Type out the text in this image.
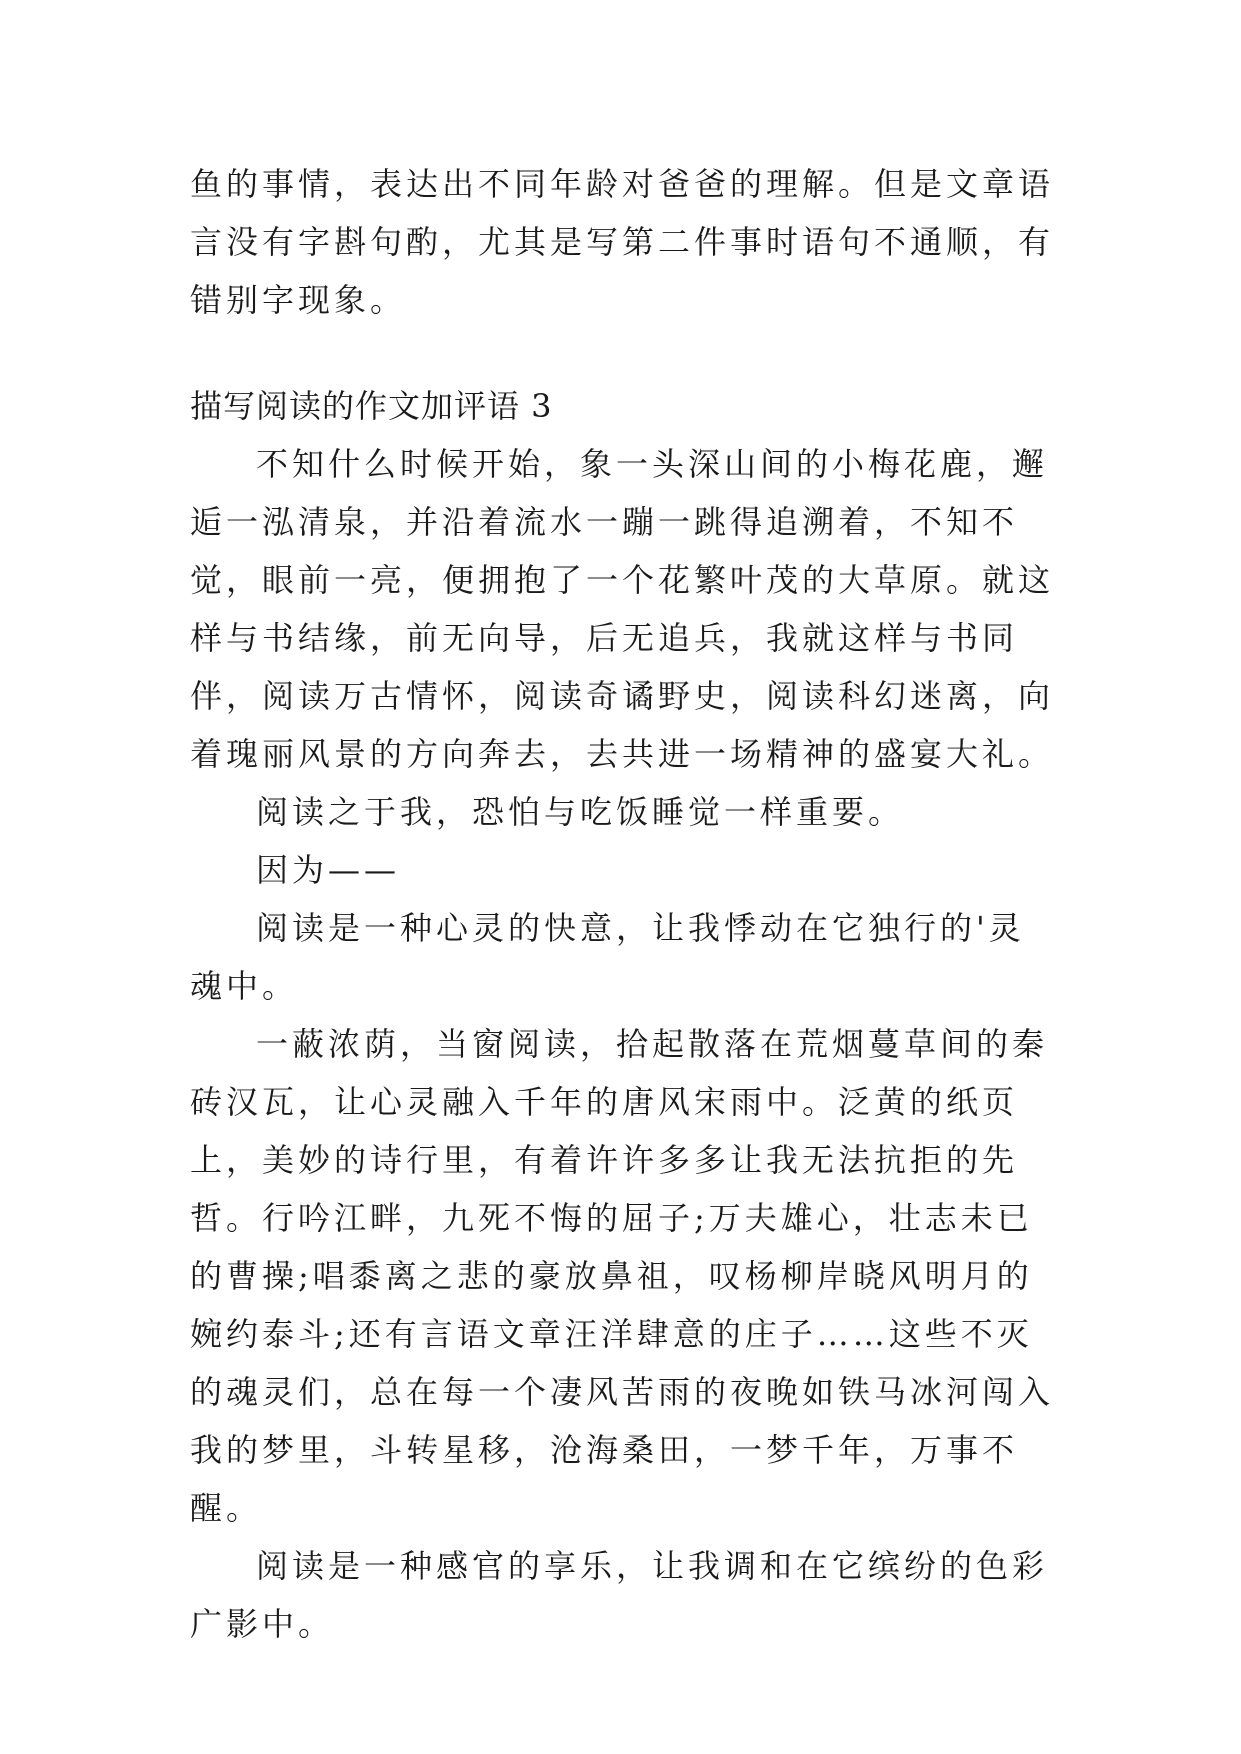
鱼的事情，表达出不同年龄对爸爸的理解。但是文章语言没有字斟句酌，尤其是写第二件事时语句不通顺，有错别字现象。

描写阅读的作文加评语 3

不知什么时候开始，象一头深山间的小梅花鹿，邂逅一泓清泉，并沿着流水一蹦一跳得追溯着，不知不觉，眼前一亮，便拥抱了一个花繁叶茂的大草原。就这样与书结缘，前无向导，后无追兵，我就这样与书同伴，阅读万古情怀，阅读奇谲野史，阅读科幻迷离，向着瑰丽风景的方向奔去，去共进一场精神的盛宴大礼。

阅读之于我，恐怕与吃饭睡觉一样重要。

因为——

阅读是一种心灵的快意，让我悸动在它独行的'灵魂中。

一蔽浓荫，当窗阅读，拾起散落在荒烟蔓草间的秦砖汉瓦，让心灵融入千年的唐风宋雨中。泛黄的纸页上，美妙的诗行里，有着许许多多让我无法抗拒的先哲。行吟江畔，九死不悔的屈子;万夫雄心，壮志未已的曹操;唱黍离之悲的豪放鼻祖，叹杨柳岸晓风明月的婉约泰斗;还有言语文章汪洋肆意的庄子……这些不灭的魂灵们，总在每一个凄风苦雨的夜晚如铁马冰河闯入我的梦里，斗转星移，沧海桑田，一梦千年，万事不醒。

阅读是一种感官的享乐，让我调和在它缤纷的色彩广影中。
